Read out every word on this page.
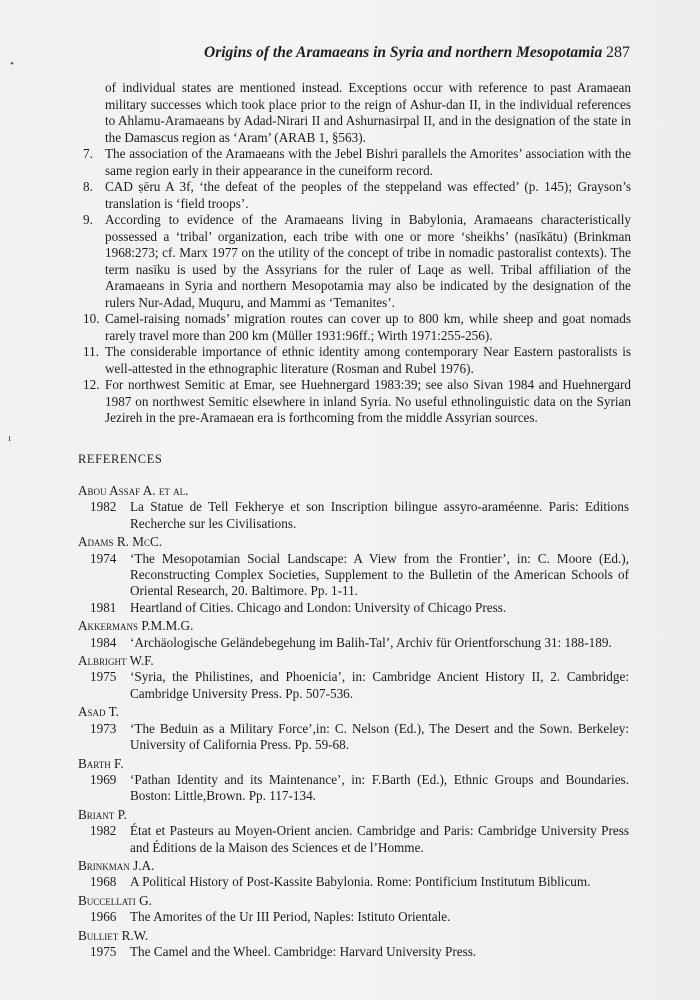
•
ı
Origins of the Aramaeans in Syria and northern Mesopotamia 287
of individual states are mentioned instead. Exceptions occur with reference to past Aramaean military successes which took place prior to the reign of Ashur-dan II, in the individual references to Ahlamu-Aramaeans by Adad-Nirari II and Ashurnasirpal II, and in the designation of the state in the Damascus region as ‘Aram’ (ARAB 1, §563).
7. The association of the Aramaeans with the Jebel Bishri parallels the Amorites’ association with the same region early in their appearance in the cuneiform record.
8. CAD ṣēru A 3f, ‘the defeat of the peoples of the steppeland was effected’ (p. 145); Grayson’s translation is ‘field troops’.
9. According to evidence of the Aramaeans living in Babylonia, Aramaeans characteristically possessed a ‘tribal’ organization, each tribe with one or more ‘sheikhs’ (nasīkātu) (Brinkman 1968:273; cf. Marx 1977 on the utility of the concept of tribe in nomadic pastoralist contexts). The term nasīku is used by the Assyrians for the ruler of Laqe as well. Tribal affiliation of the Aramaeans in Syria and northern Mesopotamia may also be indicated by the designation of the rulers Nur-Adad, Muquru, and Mammi as ‘Temanites’.
10. Camel-raising nomads’ migration routes can cover up to 800 km, while sheep and goat nomads rarely travel more than 200 km (Müller 1931:96ff.; Wirth 1971:255-256).
11. The considerable importance of ethnic identity among contemporary Near Eastern pastoralists is well-attested in the ethnographic literature (Rosman and Rubel 1976).
12. For northwest Semitic at Emar, see Huehnergard 1983:39; see also Sivan 1984 and Huehnergard 1987 on northwest Semitic elsewhere in inland Syria. No useful ethnolinguistic data on the Syrian Jezireh in the pre-Aramaean era is forthcoming from the middle Assyrian sources.
REFERENCES
Abou Assaf A. et al.
1982 La Statue de Tell Fekherye et son Inscription bilingue assyro-araméenne. Paris: Editions Recherche sur les Civilisations.
Adams R. McC.
1974 ‘The Mesopotamian Social Landscape: A View from the Frontier’, in: C. Moore (Ed.), Reconstructing Complex Societies, Supplement to the Bulletin of the American Schools of Oriental Research, 20. Baltimore. Pp. 1-11.
1981 Heartland of Cities. Chicago and London: University of Chicago Press.
Akkermans P.M.M.G.
1984 ‘Archäologische Geländebegehung im Balih-Tal’, Archiv für Orientforschung 31: 188-189.
Albright W.F.
1975 ‘Syria, the Philistines, and Phoenicia’, in: Cambridge Ancient History II, 2. Cambridge: Cambridge University Press. Pp. 507-536.
Asad T.
1973 ‘The Beduin as a Military Force’,in: C. Nelson (Ed.), The Desert and the Sown. Berkeley: University of California Press. Pp. 59-68.
Barth F.
1969 ‘Pathan Identity and its Maintenance’, in: F.Barth (Ed.), Ethnic Groups and Boundaries. Boston: Little,Brown. Pp. 117-134.
Briant P.
1982 État et Pasteurs au Moyen-Orient ancien. Cambridge and Paris: Cambridge University Press and Éditions de la Maison des Sciences et de l’Homme.
Brinkman J.A.
1968 A Political History of Post-Kassite Babylonia. Rome: Pontificium Institutum Biblicum.
Buccellati G.
1966 The Amorites of the Ur III Period, Naples: Istituto Orientale.
Bulliet R.W.
1975 The Camel and the Wheel. Cambridge: Harvard University Press.
